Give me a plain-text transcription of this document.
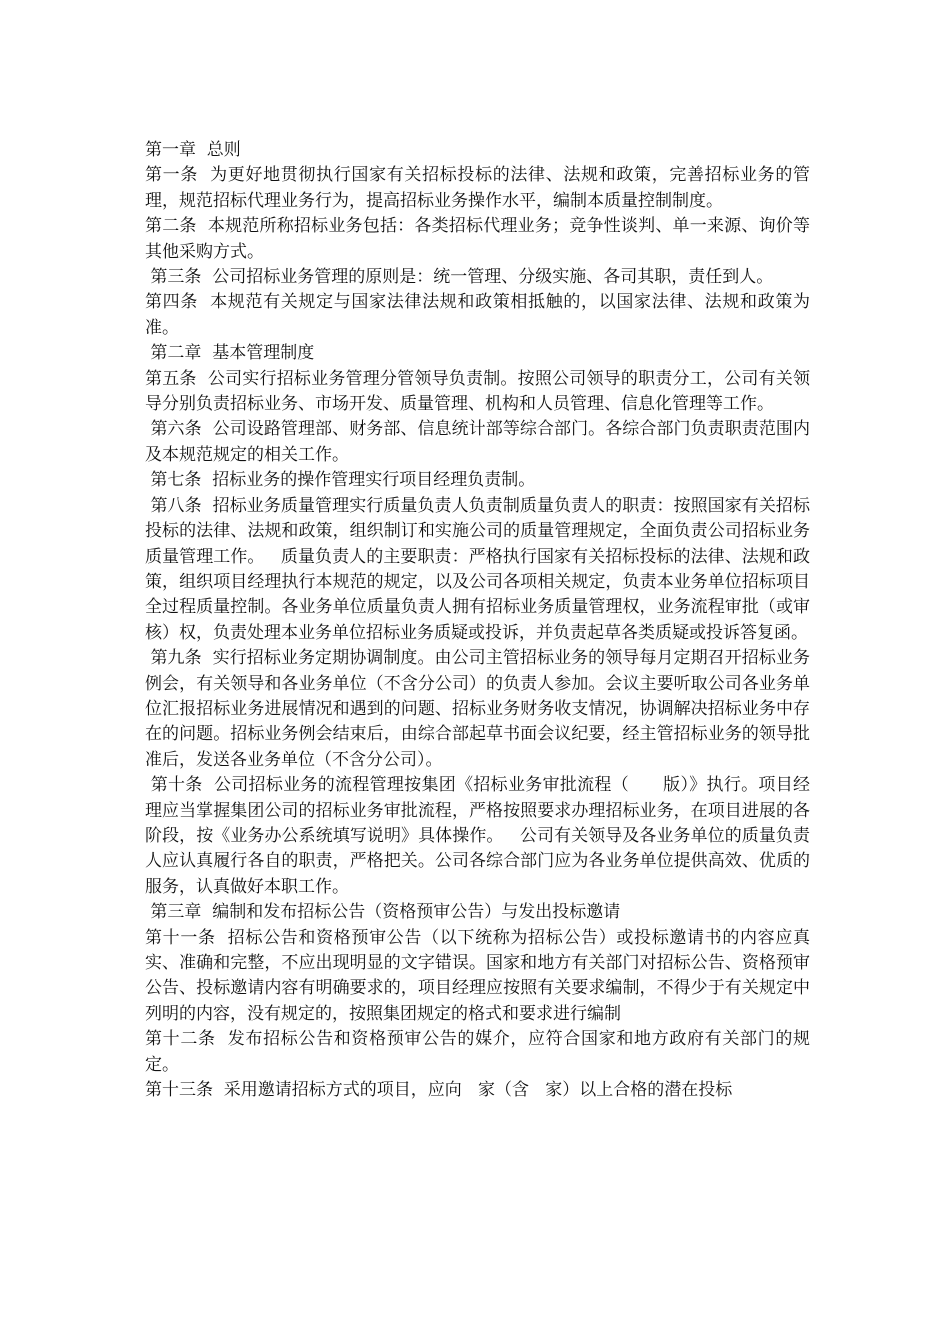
第一章  总则

第一条  为更好地贯彻执行国家有关招标投标的法律、法规和政策，完善招标业务的管理，规范招标代理业务行为，提高招标业务操作水平，编制本质量控制制度。

第二条  本规范所称招标业务包括：各类招标代理业务；竞争性谈判、单一来源、询价等其他采购方式。

第三条  公司招标业务管理的原则是：统一管理、分级实施、各司其职，责任到人。

第四条  本规范有关规定与国家法律法规和政策相抵触的，以国家法律、法规和政策为准。

第二章  基本管理制度

第五条  公司实行招标业务管理分管领导负责制。按照公司领导的职责分工，公司有关领导分别负责招标业务、市场开发、质量管理、机构和人员管理、信息化管理等工作。

第六条  公司设路管理部、财务部、信息统计部等综合部门。各综合部门负责职责范围内及本规范规定的相关工作。

第七条  招标业务的操作管理实行项目经理负责制。

第八条  招标业务质量管理实行质量负责人负责制质量负责人的职责：按照国家有关招标投标的法律、法规和政策，组织制订和实施公司的质量管理规定，全面负责公司招标业务质量管理工作。   质量负责人的主要职责：严格执行国家有关招标投标的法律、法规和政策，组织项目经理执行本规范的规定，以及公司各项相关规定，负责本业务单位招标项目全过程质量控制。各业务单位质量负责人拥有招标业务质量管理权，业务流程审批（或审核）权，负责处理本业务单位招标业务质疑或投诉，并负责起草各类质疑或投诉答复函。

第九条  实行招标业务定期协调制度。由公司主管招标业务的领导每月定期召开招标业务例会，有关领导和各业务单位（不含分公司）的负责人参加。会议主要听取公司各业务单位汇报招标业务进展情况和遇到的问题、招标业务财务收支情况，协调解决招标业务中存在的问题。招标业务例会结束后，由综合部起草书面会议纪要，经主管招标业务的领导批准后，发送各业务单位（不含分公司）。

第十条  公司招标业务的流程管理按集团《招标业务审批流程（      版）》执行。项目经理应当掌握集团公司的招标业务审批流程，严格按照要求办理招标业务，在项目进展的各阶段，按《业务办公系统填写说明》具体操作。   公司有关领导及各业务单位的质量负责人应认真履行各自的职责，严格把关。公司各综合部门应为各业务单位提供高效、优质的服务，认真做好本职工作。

第三章  编制和发布招标公告（资格预审公告）与发出投标邀请

第十一条  招标公告和资格预审公告（以下统称为招标公告）或投标邀请书的内容应真实、准确和完整，不应出现明显的文字错误。国家和地方有关部门对招标公告、资格预审公告、投标邀请内容有明确要求的，项目经理应按照有关要求编制，不得少于有关规定中列明的内容，没有规定的，按照集团规定的格式和要求进行编制

第十二条  发布招标公告和资格预审公告的媒介，应符合国家和地方政府有关部门的规定。

第十三条  采用邀请招标方式的项目，应向   家（含   家）以上合格的潜在投标
